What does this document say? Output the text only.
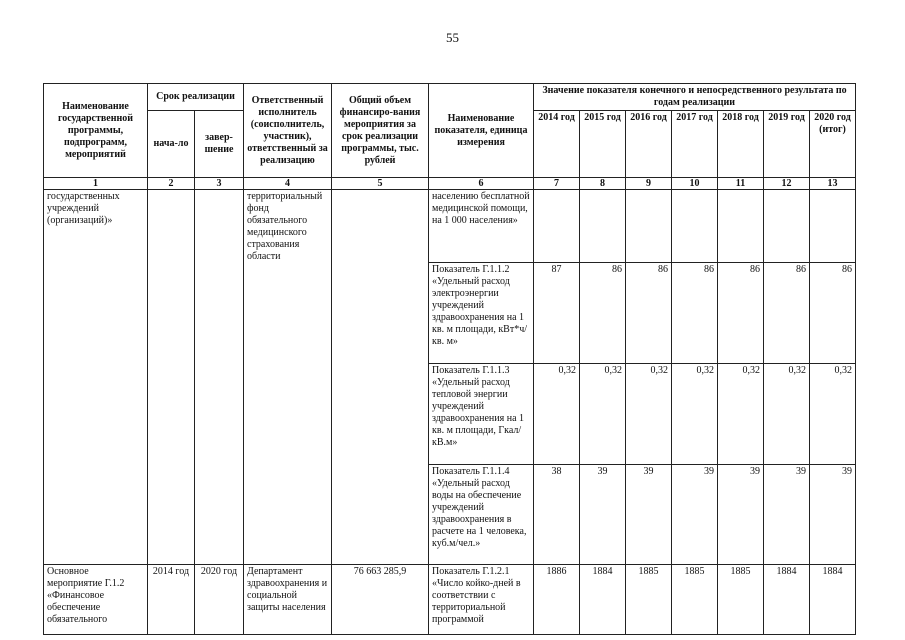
55
Наименование государственной программы, подпрограмм, мероприятий	Срок реализации		Ответственный исполнитель (соисполнитель, участник), ответственный за реализацию	Общий объем финансиро-вания мероприятия за срок реализации программы, тыс. рублей	Наименование показателя, единица измерения	Значение показателя конечного и непосредственного результата по годам реализации						
	нача-ло	завер-шение				2014 год	2015 год	2016 год	2017 год	2018 год	2019 год	2020 год (итог)
1	2	3	4	5	6	7	8	9	10	11	12	13
государственных учреждений (организаций)»			территориальный фонд обязательного медицинского страхования области		населению бесплатной медицинской помощи, на 1 000 населения»							
					Показатель Г.1.1.2 «Удельный расход электроэнергии учреждений здравоохранения на 1 кв. м площади, кВт*ч/кв. м»	87	86	86	86	86	86	86
					Показатель Г.1.1.3 «Удельный расход тепловой энергии учреждений здравоохранения на 1 кв. м площади, Гкал/кВ.м»	0,32	0,32	0,32	0,32	0,32	0,32	0,32
					Показатель Г.1.1.4 «Удельный расход воды на обеспечение учреждений здравоохранения в расчете на 1 человека, куб.м/чел.»	38	39	39	39	39	39	39
Основное мероприятие Г.1.2 «Финансовое обеспечение обязательного	2014 год	2020 год	Департамент здравоохранения и социальной защиты населения	76 663 285,9	Показатель Г.1.2.1 «Число койко-дней в соответствии с территориальной программой	1886	1884	1885	1885	1885	1884	1884
